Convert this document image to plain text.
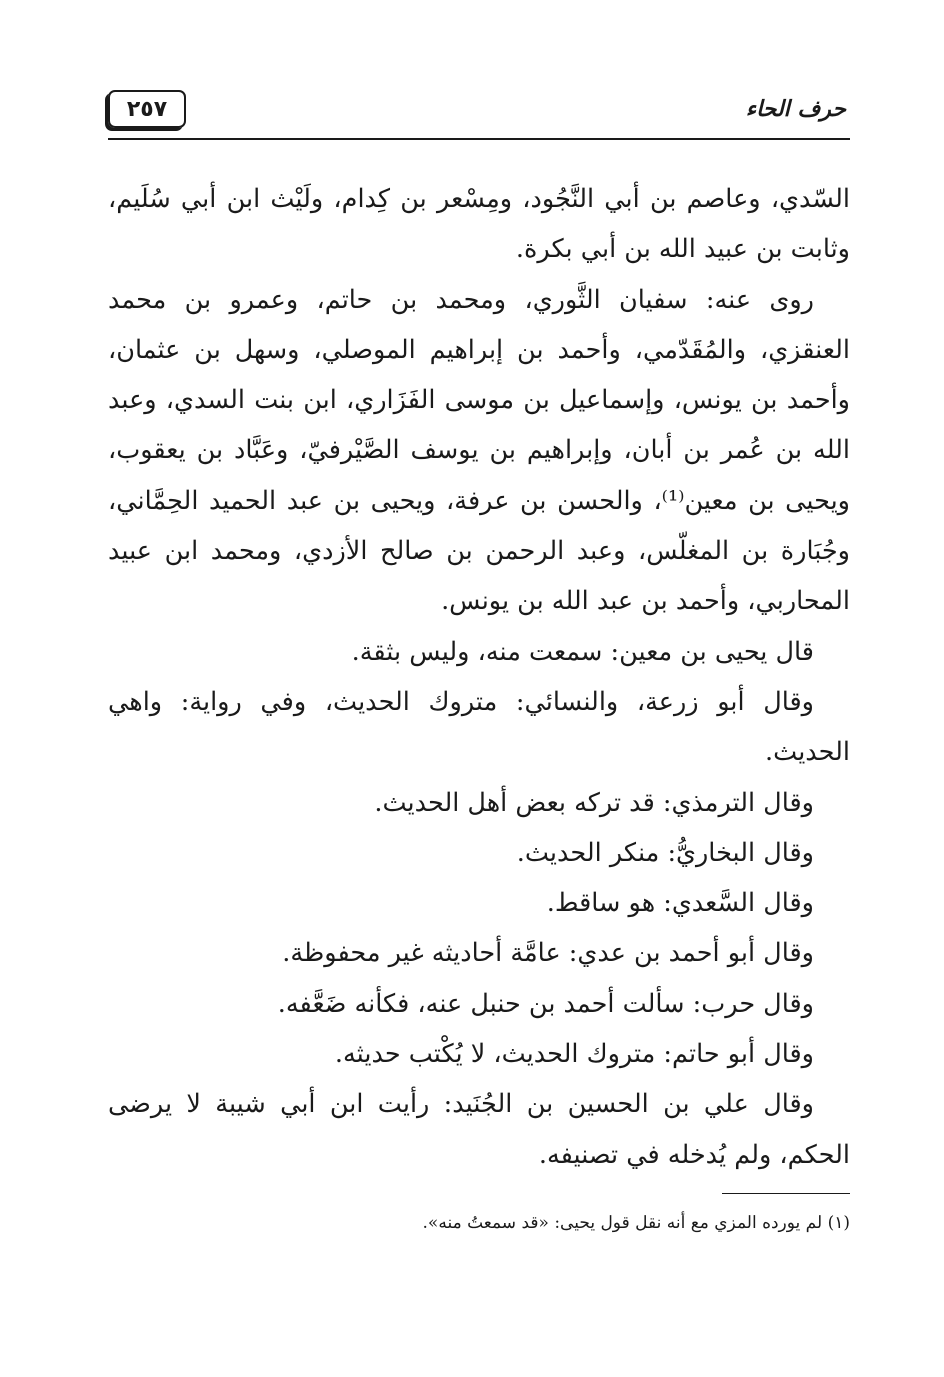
٢٥٧	حرف الحاء

السّدي، وعاصم بن أبي النَّجُود، ومِسْعر بن كِدام، ولَيْث ابن أبي سُلَيم، وثابت بن عبيد الله بن أبي بكرة.

روى عنه: سفيان الثَّوري، ومحمد بن حاتم، وعمرو بن محمد العنقزي، والمُقَدّمي، وأحمد بن إبراهيم الموصلي، وسهل بن عثمان، وأحمد بن يونس، وإسماعيل بن موسى الفَزَاري، ابن بنت السدي، وعبد الله بن عُمر بن أبان، وإبراهيم بن يوسف الصَّيْرفيّ، وعَبَّاد بن يعقوب، ويحيى بن معين⁽¹⁾، والحسن بن عرفة، ويحيى بن عبد الحميد الحِمَّاني، وجُبَارة بن المغلّس، وعبد الرحمن بن صالح الأزدي، ومحمد ابن عبيد المحاربي، وأحمد بن عبد الله بن يونس.

قال يحيى بن معين: سمعت منه، وليس بثقة.

وقال أبو زرعة، والنسائي: متروك الحديث، وفي رواية: واهي الحديث.

وقال الترمذي: قد تركه بعض أهل الحديث.

وقال البخاريُّ: منكر الحديث.

وقال السَّعدي: هو ساقط.

وقال أبو أحمد بن عدي: عامَّة أحاديثه غير محفوظة.

وقال حرب: سألت أحمد بن حنبل عنه، فكأنه ضَعَّفه.

وقال أبو حاتم: متروك الحديث، لا يُكْتب حديثه.

وقال علي بن الحسين بن الجُنَيد: رأيت ابن أبي شيبة لا يرضى الحكم، ولم يُدخله في تصنيفه.

(١) لم يورده المزي مع أنه نقل قول يحيى: «قد سمعتُ منه».
